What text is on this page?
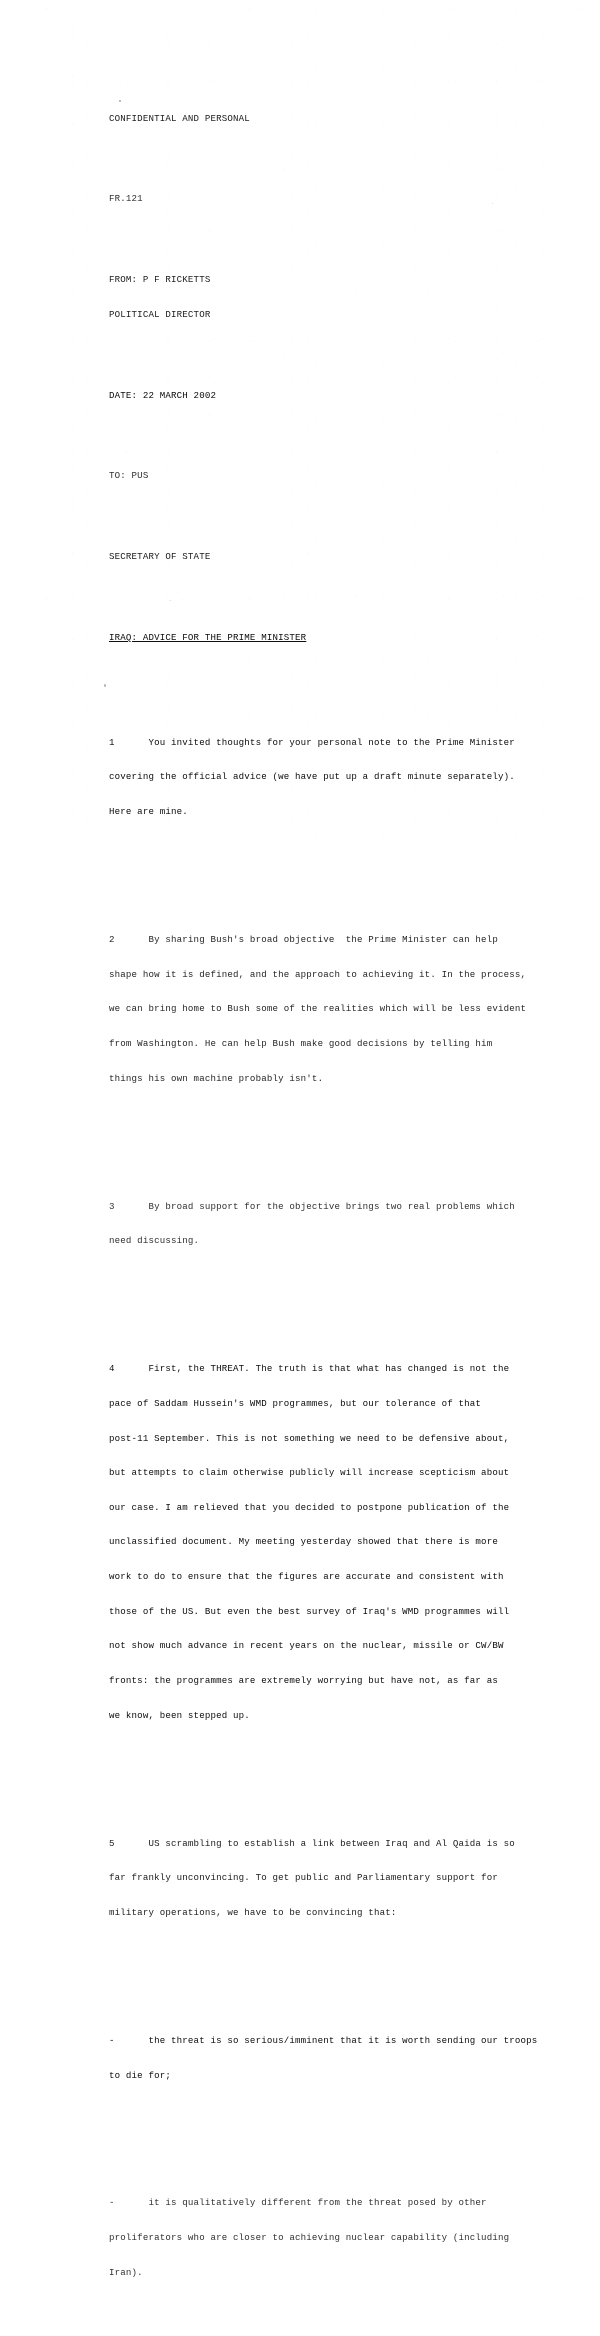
CONFIDENTIAL AND PERSONAL

FR.121

FROM: P F RICKETTS

POLITICAL DIRECTOR

DATE: 22 MARCH 2002

TO: PUS

SECRETARY OF STATE

IRAQ: ADVICE FOR THE PRIME MINISTER

1      You invited thoughts for your personal note to the Prime Minister

covering the official advice (we have put up a draft minute separately).

Here are mine.

2      By sharing Bush's broad objective  the Prime Minister can help

shape how it is defined, and the approach to achieving it. In the process,

we can bring home to Bush some of the realities which will be less evident

from Washington. He can help Bush make good decisions by telling him

things his own machine probably isn't.

3      By broad support for the objective brings two real problems which

need discussing.

4      First, the THREAT. The truth is that what has changed is not the

pace of Saddam Hussein's WMD programmes, but our tolerance of that

post-11 September. This is not something we need to be defensive about,

but attempts to claim otherwise publicly will increase scepticism about

our case. I am relieved that you decided to postpone publication of the

unclassified document. My meeting yesterday showed that there is more

work to do to ensure that the figures are accurate and consistent with

those of the US. But even the best survey of Iraq's WMD programmes will

not show much advance in recent years on the nuclear, missile or CW/BW

fronts: the programmes are extremely worrying but have not, as far as

we know, been stepped up.

5      US scrambling to establish a link between Iraq and Al Qaida is so

far frankly unconvincing. To get public and Parliamentary support for

military operations, we have to be convincing that:

-      the threat is so serious/imminent that it is worth sending our troops

to die for;

-      it is qualitatively different from the threat posed by other

proliferators who are closer to achieving nuclear capability (including

Iran).
